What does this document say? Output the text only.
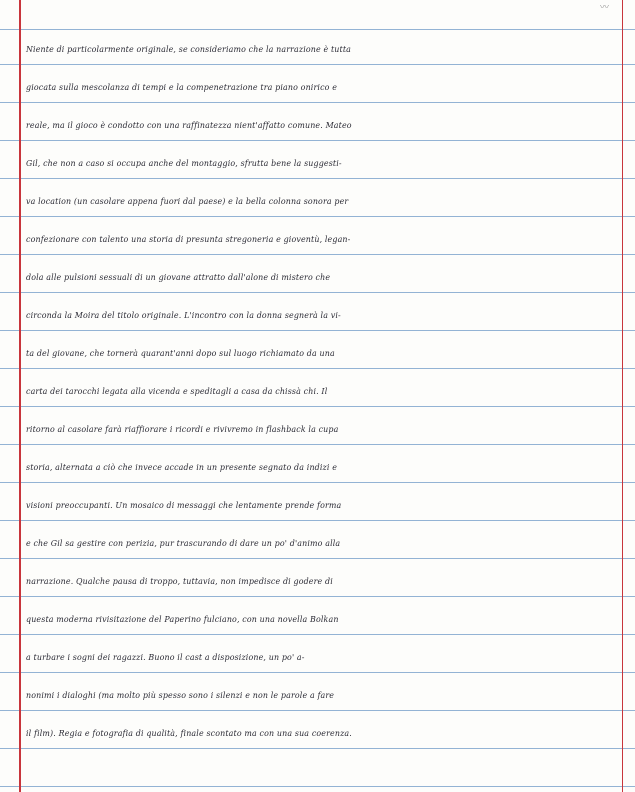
〰
Niente di particolarmente originale, se consideriamo che la narrazione è tutta
giocata sulla mescolanza di tempi e la compenetrazione tra piano onirico e
reale, ma il gioco è condotto con una raffinatezza nient'affatto comune. Mateo
Gil, che non a caso si occupa anche del montaggio, sfrutta bene la suggesti-
va location (un casolare appena fuori dal paese) e la bella colonna sonora per
confezionare con talento una storia di presunta stregoneria e gioventù, legan-
dola alle pulsioni sessuali di un giovane attratto dall'alone di mistero che
circonda la Moira del titolo originale. L'incontro con la donna segnerà la vi-
ta del giovane, che tornerà quarant'anni dopo sul luogo richiamato da una
carta dei tarocchi legata alla vicenda e speditagli a casa da chissà chi. Il
ritorno al casolare farà riaffiorare i ricordi e rivivremo in flashback la cupa
storia, alternata a ciò che invece accade in un presente segnato da indizi e
visioni preoccupanti. Un mosaico di messaggi che lentamente prende forma
e che Gil sa gestire con perizia, pur trascurando di dare un po' d'animo alla
narrazione. Qualche pausa di troppo, tuttavia, non impedisce di godere di
questa moderna rivisitazione del Paperino fulciano, con una novella Bolkan
a turbare i sogni dei ragazzi. Buono il cast a disposizione, un po' a-
nonimi i dialoghi (ma molto più spesso sono i silenzi e non le parole a fare
il film). Regia e fotografia di qualità, finale scontato ma con una sua coerenza.
